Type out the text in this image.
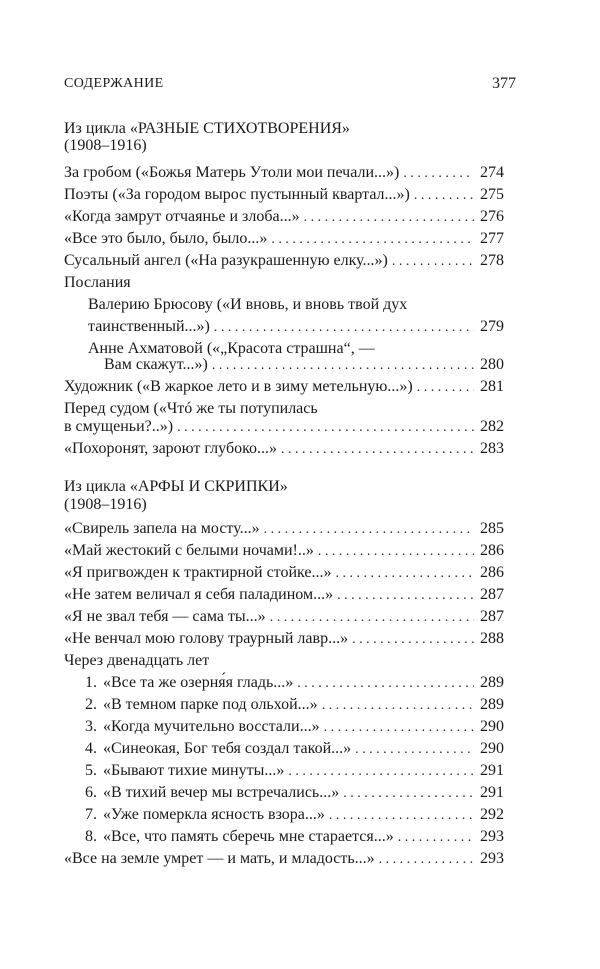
СОДЕРЖАНИЕ	377
Из цикла «РАЗНЫЕ СТИХОТВОРЕНИЯ»
(1908–1916)
За гробом («Божья Матерь Утоли мои печали...») . . .	274
Поэты («За городом вырос пустынный квартал...») . . .	275
«Когда замрут отчаянье и злоба...» . . .	276
«Все это было, было, было...» . . .	277
Сусальный ангел («На разукрашенную елку...») . . .	278
Послания
Валерию Брюсову («И вновь, и вновь твой дух
таинственный...») . . .	279
Анне Ахматовой («„Красота страшна“, —
Вам скажут...») . . .	280
Художник («В жаркое лето и в зиму метельную...») . . .	281
Перед судом («Чтó же ты потупилась
в смущеньи?..») . . .	282
«Похоронят, зароют глубоко...» . . .	283
Из цикла «АРФЫ И СКРИПКИ»
(1908–1916)
«Свирель запела на мосту...» . . .	285
«Май жестокий с белыми ночами!..» . . .	286
«Я пригвожден к трактирной стойке...» . . .	286
«Не затем величал я себя паладином...» . . .	287
«Я не звал тебя — сама ты...» . . .	287
«Не венчал мою голову траурный лавр...» . . .	288
Через двенадцать лет
1. «Все та же озерня́я гладь...» . . .	289
2. «В темном парке под ольхой...» . . .	289
3. «Когда мучительно восстали...» . . .	290
4. «Синеокая, Бог тебя создал такой...» . . .	290
5. «Бывают тихие минуты...» . . .	291
6. «В тихий вечер мы встречались...» . . .	291
7. «Уже померкла ясность взора...» . . .	292
8. «Все, что память сберечь мне старается...» . . .	293
«Все на земле умрет — и мать, и младость...» . . .	293
